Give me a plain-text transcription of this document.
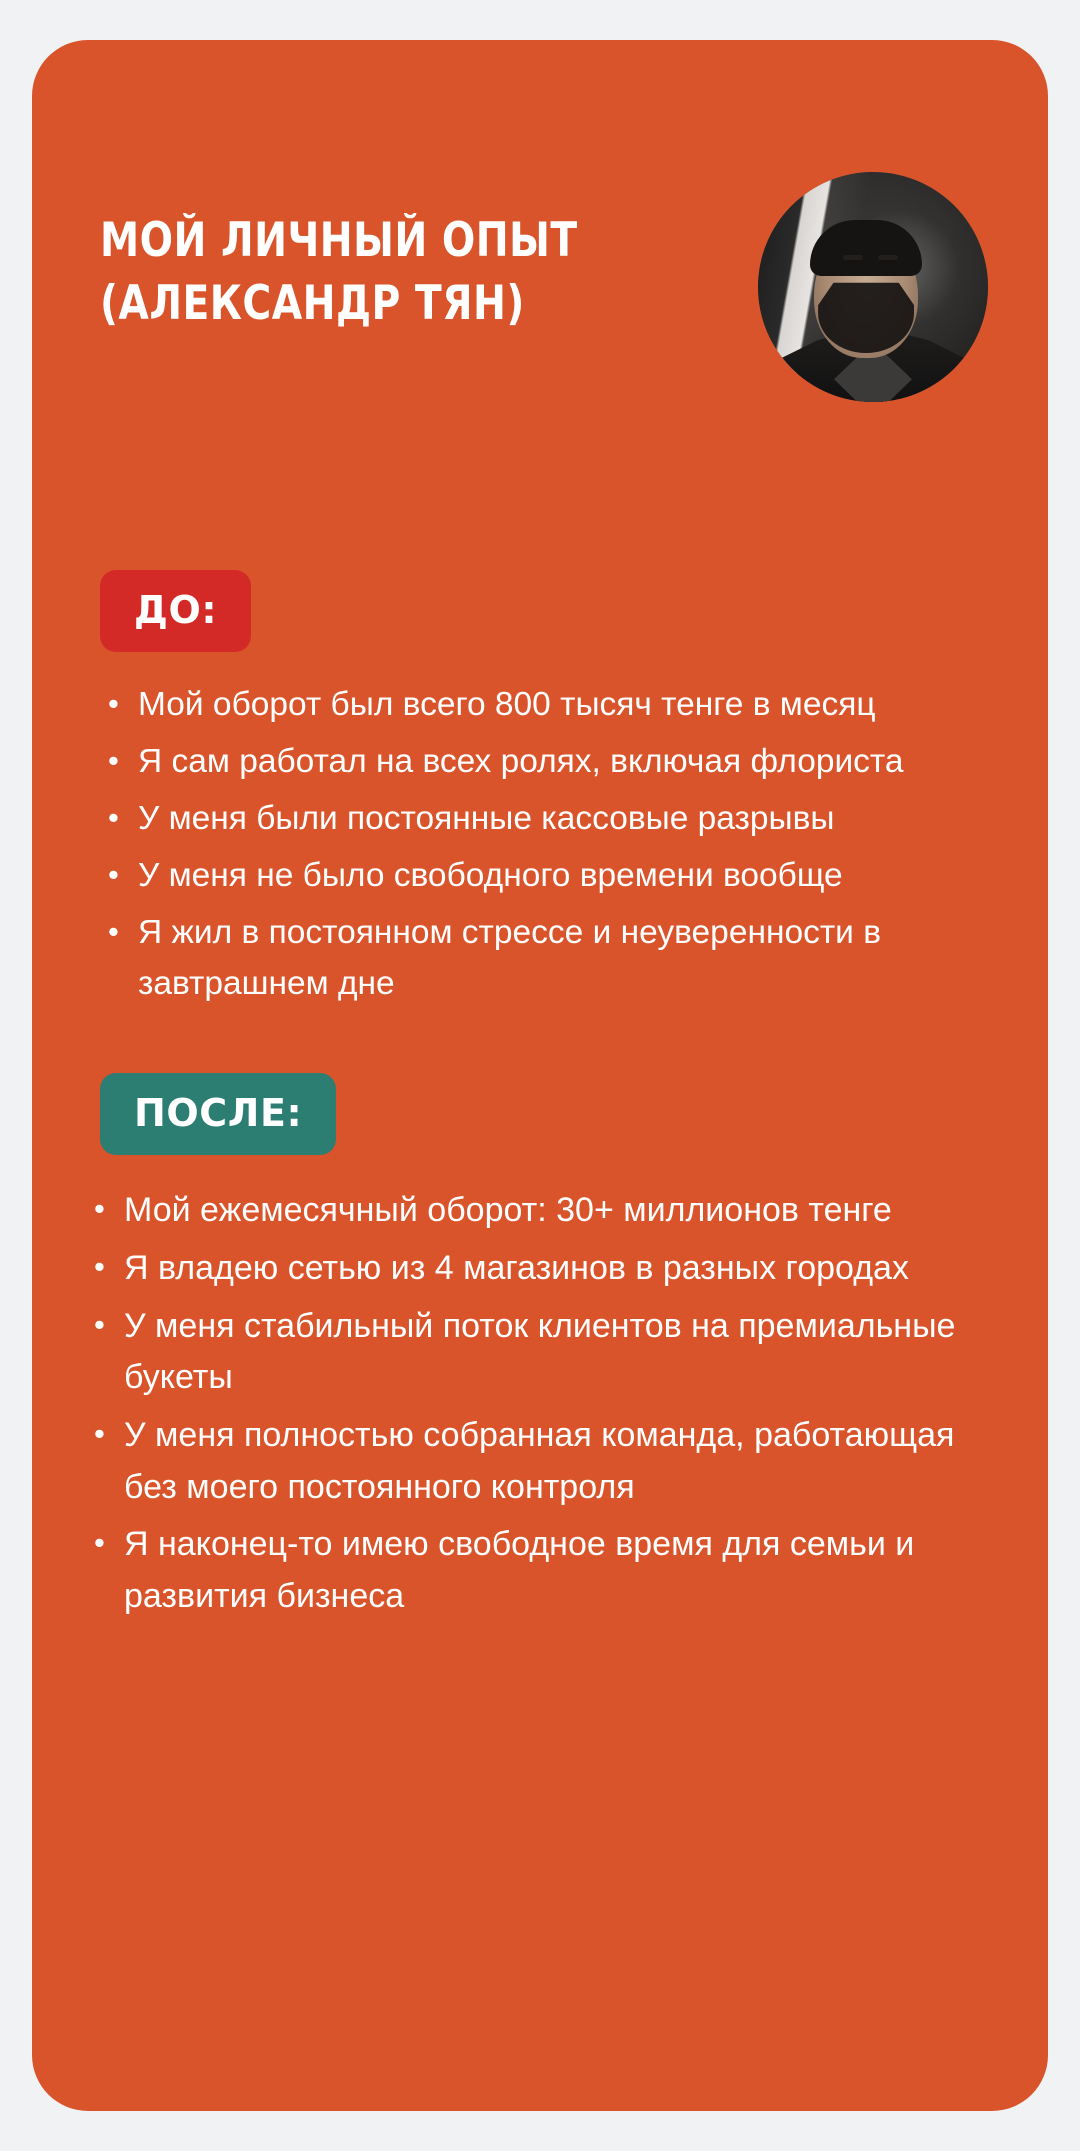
МОЙ ЛИЧНЫЙ ОПЫТ
(АЛЕКСАНДР ТЯН)
ДО:
• Мой оборот был всего 800 тысяч тенге в месяц
• Я сам работал на всех ролях, включая флориста
• У меня были постоянные кассовые разрывы
• У меня не было свободного времени вообще
• Я жил в постоянном стрессе и неуверенности в завтрашнем дне
ПОСЛЕ:
• Мой ежемесячный оборот: 30+ миллионов тенге
• Я владею сетью из 4 магазинов в разных городах
• У меня стабильный поток клиентов на премиальные букеты
• У меня полностью собранная команда, работающая без моего постоянного контроля
• Я наконец-то имею свободное время для семьи и развития бизнеса
